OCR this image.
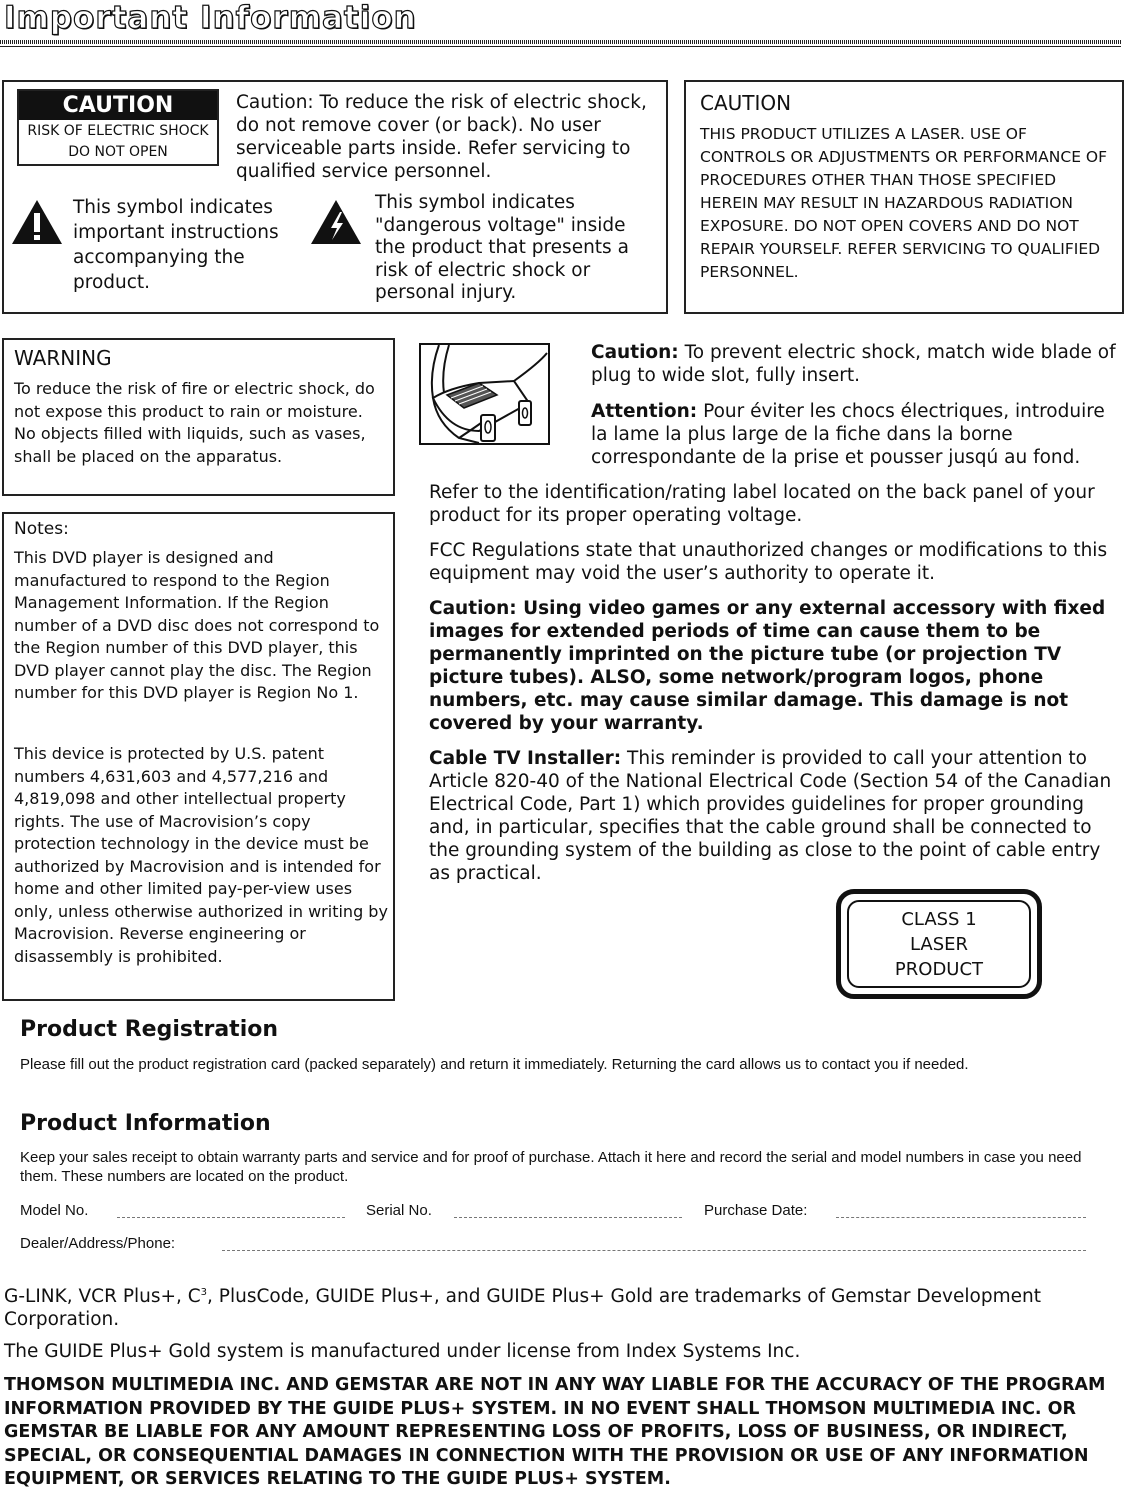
Important Information
CAUTION
RISK OF ELECTRIC SHOCK
DO NOT OPEN
Caution: To reduce the risk of electric shock, do not remove cover (or back). No user serviceable parts inside. Refer servicing to qualified service personnel.
This symbol indicates important instructions accompanying the product.
This symbol indicates "dangerous voltage" inside the product that presents a risk of electric shock or personal injury.
CAUTION
THIS PRODUCT UTILIZES A LASER. USE OF CONTROLS OR ADJUSTMENTS OR PERFORMANCE OF PROCEDURES OTHER THAN THOSE SPECIFIED HEREIN MAY RESULT IN HAZARDOUS RADIATION EXPOSURE. DO NOT OPEN COVERS AND DO NOT REPAIR YOURSELF. REFER SERVICING TO QUALIFIED PERSONNEL.
WARNING
To reduce the risk of fire or electric shock, do not expose this product to rain or moisture. No objects filled with liquids, such as vases, shall be placed on the apparatus.
Notes:
This DVD player is designed and manufactured to respond to the Region Management Information. If the Region number of a DVD disc does not correspond to the Region number of this DVD player, this DVD player cannot play the disc. The Region number for this DVD player is Region No 1.
This device is protected by U.S. patent numbers 4,631,603 and 4,577,216 and 4,819,098 and other intellectual property rights. The use of Macrovision’s copy protection technology in the device must be authorized by Macrovision and is intended for home and other limited pay-per-view uses only, unless otherwise authorized in writing by Macrovision. Reverse engineering or disassembly is prohibited.
Caution: To prevent electric shock, match wide blade of plug to wide slot, fully insert.
Attention: Pour éviter les chocs électriques, introduire la lame la plus large de la fiche dans la borne correspondante de la prise et pousser jusqú au fond.
Refer to the identification/rating label located on the back panel of your product for its proper operating voltage.
FCC Regulations state that unauthorized changes or modifications to this equipment may void the user’s authority to operate it.
Caution: Using video games or any external accessory with fixed images for extended periods of time can cause them to be permanently imprinted on the picture tube (or projection TV picture tubes). ALSO, some network/program logos, phone numbers, etc. may cause similar damage. This damage is not covered by your warranty.
Cable TV Installer: This reminder is provided to call your attention to Article 820-40 of the National Electrical Code (Section 54 of the Canadian Electrical Code, Part 1) which provides guidelines for proper grounding and, in particular, specifies that the cable ground shall be connected to the grounding system of the building as close to the point of cable entry as practical.
CLASS 1
LASER
PRODUCT
Product Registration
Please fill out the product registration card (packed separately) and return it immediately. Returning the card allows us to contact you if needed.
Product Information
Keep your sales receipt to obtain warranty parts and service and for proof of purchase. Attach it here and record the serial and model numbers in case you need them. These numbers are located on the product.
Model No.	Serial No.	Purchase Date:
Dealer/Address/Phone:
G-LINK, VCR Plus+, $C^3$, PlusCode, GUIDE Plus+, and GUIDE Plus+ Gold are trademarks of Gemstar Development Corporation.
The GUIDE Plus+ Gold system is manufactured under license from Index Systems Inc.
THOMSON MULTIMEDIA INC. AND GEMSTAR ARE NOT IN ANY WAY LIABLE FOR THE ACCURACY OF THE PROGRAM INFORMATION PROVIDED BY THE GUIDE PLUS+ SYSTEM. IN NO EVENT SHALL THOMSON MULTIMEDIA INC. OR GEMSTAR BE LIABLE FOR ANY AMOUNT REPRESENTING LOSS OF PROFITS, LOSS OF BUSINESS, OR INDIRECT, SPECIAL, OR CONSEQUENTIAL DAMAGES IN CONNECTION WITH THE PROVISION OR USE OF ANY INFORMATION EQUIPMENT, OR SERVICES RELATING TO THE GUIDE PLUS+ SYSTEM.
